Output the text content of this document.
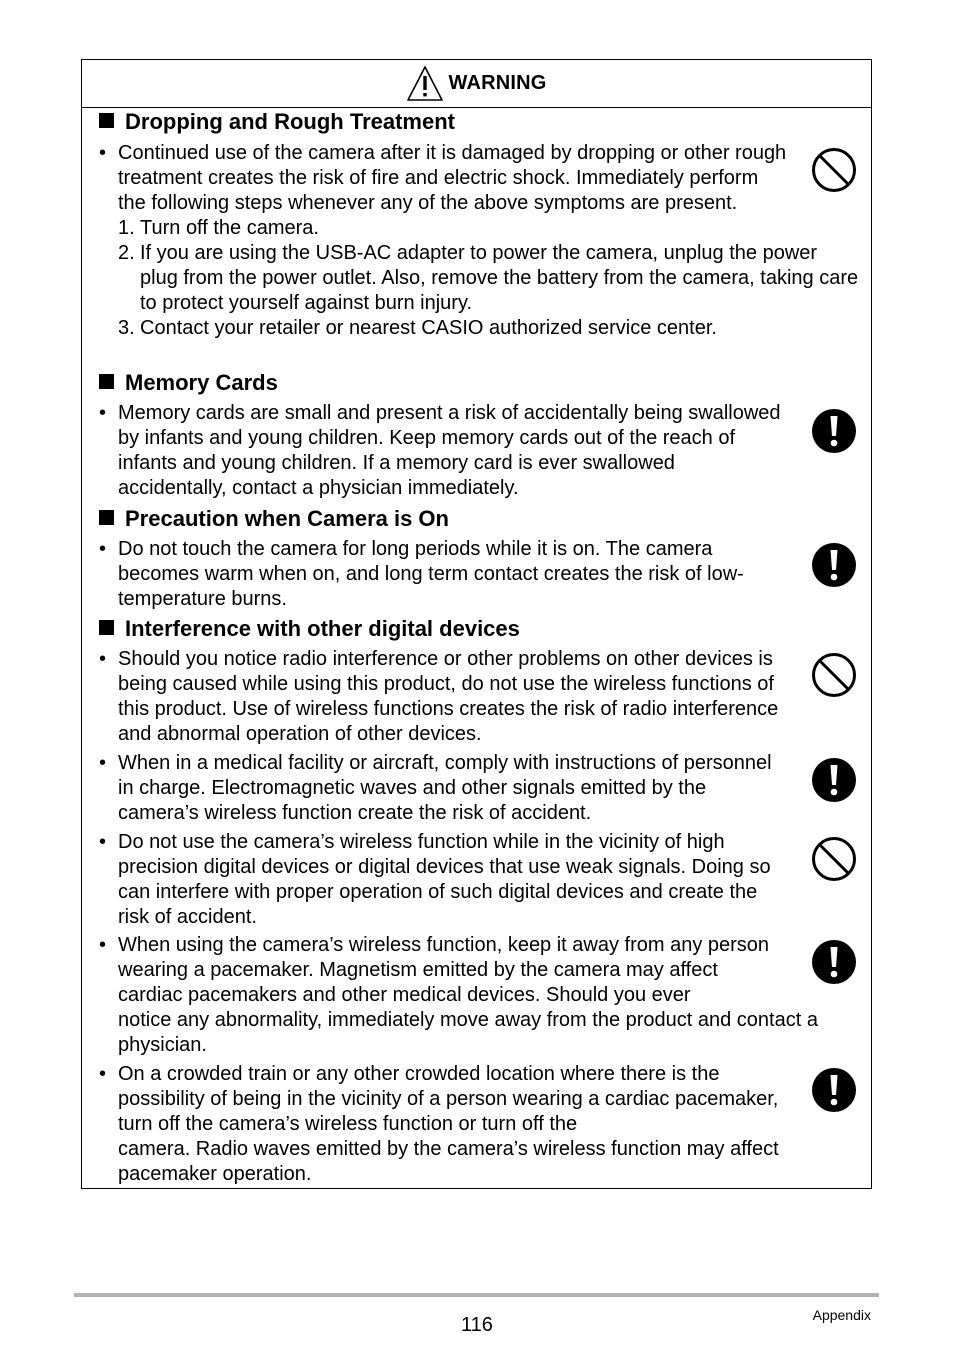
WARNING
Dropping and Rough Treatment
• Continued use of the camera after it is damaged by dropping or other rough treatment creates the risk of fire and electric shock. Immediately perform the following steps whenever any of the above symptoms are present.
1. Turn off the camera.
2. If you are using the USB-AC adapter to power the camera, unplug the power plug from the power outlet. Also, remove the battery from the camera, taking care to protect yourself against burn injury.
3. Contact your retailer or nearest CASIO authorized service center.
Memory Cards
• Memory cards are small and present a risk of accidentally being swallowed by infants and young children. Keep memory cards out of the reach of infants and young children. If a memory card is ever swallowed accidentally, contact a physician immediately.
Precaution when Camera is On
• Do not touch the camera for long periods while it is on. The camera becomes warm when on, and long term contact creates the risk of low-temperature burns.
Interference with other digital devices
• Should you notice radio interference or other problems on other devices is being caused while using this product, do not use the wireless functions of this product. Use of wireless functions creates the risk of radio interference and abnormal operation of other devices.
• When in a medical facility or aircraft, comply with instructions of personnel in charge. Electromagnetic waves and other signals emitted by the camera’s wireless function create the risk of accident.
• Do not use the camera’s wireless function while in the vicinity of high precision digital devices or digital devices that use weak signals. Doing so can interfere with proper operation of such digital devices and create the risk of accident.
• When using the camera’s wireless function, keep it away from any person wearing a pacemaker. Magnetism emitted by the camera may affect cardiac pacemakers and other medical devices. Should you ever
notice any abnormality, immediately move away from the product and contact a physician.
• On a crowded train or any other crowded location where there is the possibility of being in the vicinity of a person wearing a cardiac pacemaker, turn off the camera’s wireless function or turn off the
camera. Radio waves emitted by the camera’s wireless function may affect pacemaker operation.
116	Appendix
